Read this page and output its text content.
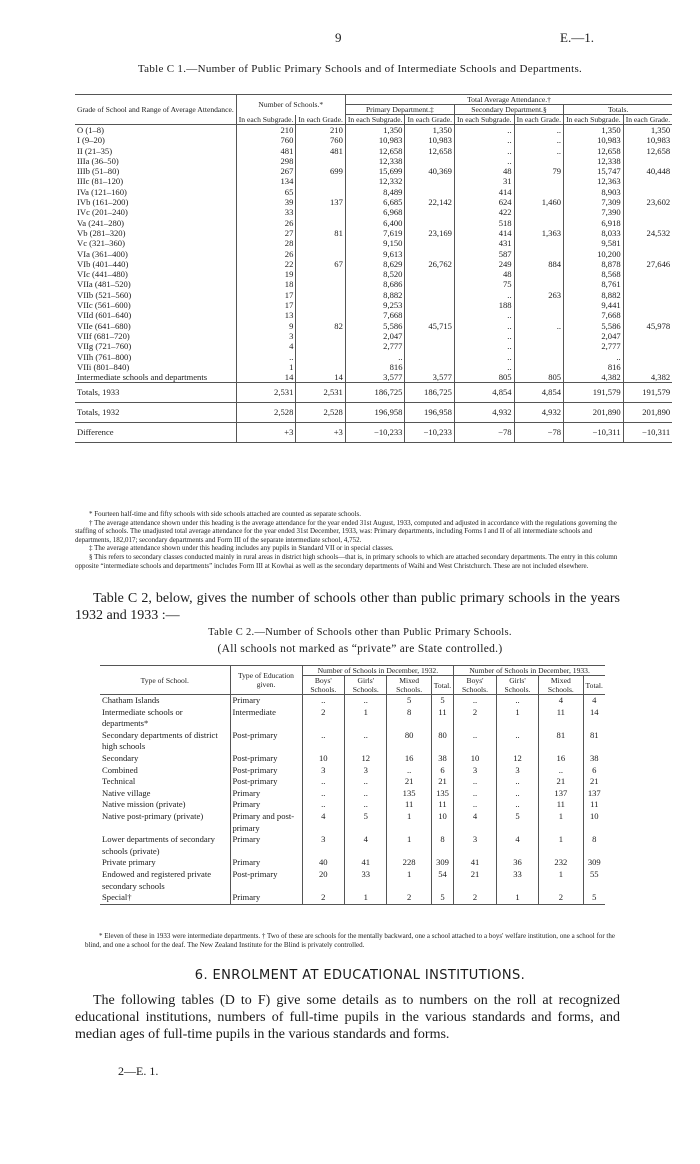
9	E.—1.
Table C 1.—Number of Public Primary Schools and of Intermediate Schools and Departments.
Grade of School and Range of Average Attendance.	Number of Schools.*		Total Average Attendance.†					
			Primary Department.‡		Secondary Department.§		Totals.	
	In each Subgrade.	In each Grade.	In each Subgrade.	In each Grade.	In each Subgrade.	In each Grade.	In each Subgrade.	In each Grade.
O (1–8)	210	210	1,350	1,350	..	..	1,350	1,350
I (9–20)	760	760	10,983	10,983	..	..	10,983	10,983
II (21–35)	481	481	12,658	12,658	..	..	12,658	12,658
IIIa (36–50)	298		12,338		..		12,338	
IIIb (51–80)	267	699	15,699	40,369	48	79	15,747	40,448
IIIc (81–120)	134		12,332		31		12,363	
IVa (121–160)	65		8,489		414		8,903	
IVb (161–200)	39	137	6,685	22,142	624	1,460	7,309	23,602
IVc (201–240)	33		6,968		422		7,390	
Va (241–280)	26		6,400		518		6,918	
Vb (281–320)	27	81	7,619	23,169	414	1,363	8,033	24,532
Vc (321–360)	28		9,150		431		9,581	
VIa (361–400)	26		9,613		587		10,200	
VIb (401–440)	22	67	8,629	26,762	249	884	8,878	27,646
VIc (441–480)	19		8,520		48		8,568	
VIIa (481–520)	18		8,686		75		8,761	
VIIb (521–560)	17		8,882		..	263	8,882	
VIIc (561–600)	17		9,253		188		9,441	
VIId (601–640)	13		7,668		..		7,668	
VIIe (641–680)	9	82	5,586	45,715	..	..	5,586	45,978
VIIf (681–720)	3		2,047		..		2,047	
VIIg (721–760)	4		2,777		..		2,777	
VIIh (761–800)	..		..		..		..	
VIIi (801–840)	1		816		..		816	
Intermediate schools and departments	14	14	3,577	3,577	805	805	4,382	4,382
Totals, 1933	2,531	2,531	186,725	186,725	4,854	4,854	191,579	191,579
Totals, 1932	2,528	2,528	196,958	196,958	4,932	4,932	201,890	201,890
Difference	+3	+3	−10,233	−10,233	−78	−78	−10,311	−10,311

* Fourteen half-time and fifty schools with side schools attached are counted as separate schools.

† The average attendance shown under this heading is the average attendance for the year ended 31st August, 1933, computed and adjusted in accordance with the regulations governing the staffing of schools. The unadjusted total average attendance for the year ended 31st December, 1933, was: Primary departments, including Forms I and II of all intermediate schools and departments, 182,017; secondary departments and Form III of the separate intermediate school, 4,752.

‡ The average attendance shown under this heading includes any pupils in Standard VII or in special classes.

§ This refers to secondary classes conducted mainly in rural areas in district high schools—that is, in primary schools to which are attached secondary departments. The entry in this column opposite “intermediate schools and departments” includes Form III at Kowhai as well as the secondary departments of Waihi and West Christchurch. These are not included elsewhere.

Table C 2, below, gives the number of schools other than public primary schools in the years 1932 and 1933 :—
Table C 2.—Number of Schools other than Public Primary Schools.
(All schools not marked as “private” are State controlled.)
Type of School.	Type of Education given.	Number of Schools in December, 1932.				Number of Schools in December, 1933.			
		Boys' Schools.	Girls' Schools.	Mixed Schools.	Total.	Boys' Schools.	Girls' Schools.	Mixed Schools.	Total.
Chatham Islands	Primary	..	..	5	5	..	..	4	4
Intermediate schools or departments*	Intermediate	2	1	8	11	2	1	11	14
Secondary departments of district high schools	Post-primary	..	..	80	80	..	..	81	81
Secondary	Post-primary	10	12	16	38	10	12	16	38
Combined	Post-primary	3	3	..	6	3	3	..	6
Technical	Post-primary	..	..	21	21	..	..	21	21
Native village	Primary	..	..	135	135	..	..	137	137
Native mission (private)	Primary	..	..	11	11	..	..	11	11
Native post-primary (private)	Primary and post-primary	4	5	1	10	4	5	1	10
Lower departments of secondary schools (private)	Primary	3	4	1	8	3	4	1	8
Private primary	Primary	40	41	228	309	41	36	232	309
Endowed and registered private secondary schools	Post-primary	20	33	1	54	21	33	1	55
Special†	Primary	2	1	2	5	2	1	2	5
* Eleven of these in 1933 were intermediate departments. † Two of these are schools for the mentally backward, one a school attached to a boys' welfare institution, one a school for the blind, and one a school for the deaf. The New Zealand Institute for the Blind is privately controlled.
6. ENROLMENT AT EDUCATIONAL INSTITUTIONS.
The following tables (D to F) give some details as to numbers on the roll at recognized educational institutions, numbers of full-time pupils in the various standards and forms, and median ages of full-time pupils in the various standards and forms.
2—E. 1.
